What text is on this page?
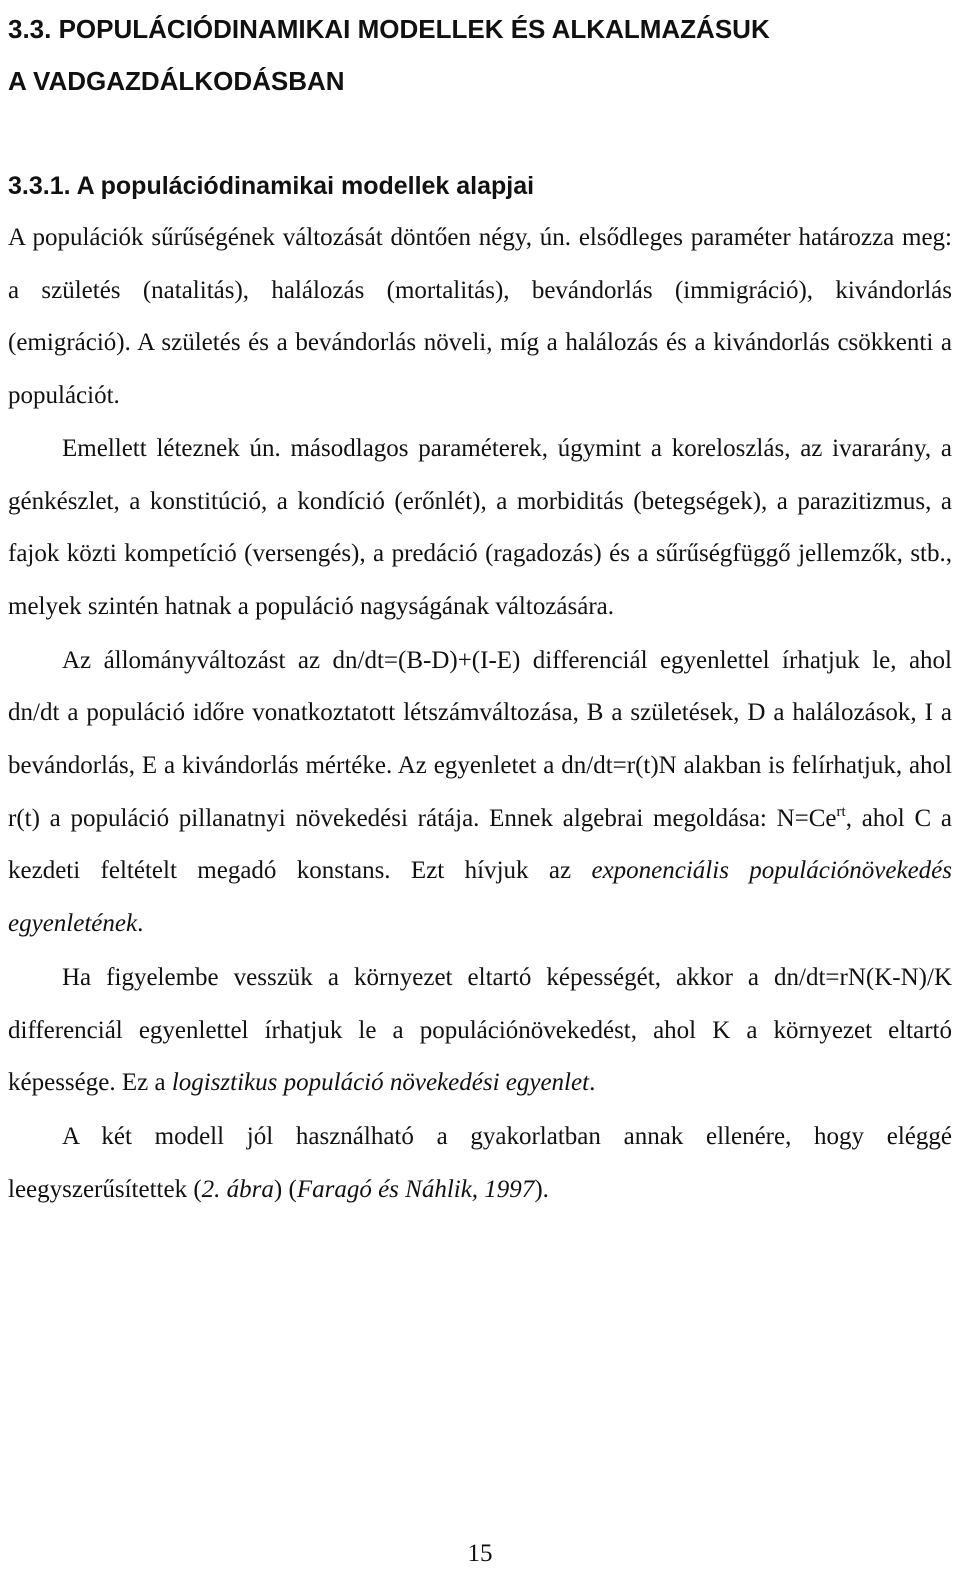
3.3. POPULÁCIÓDINAMIKAI MODELLEK ÉS ALKALMAZÁSUK
A VADGAZDÁLKODÁSBAN
3.3.1. A populációdinamikai modellek alapjai

A populációk sűrűségének változását döntően négy, ún. elsődleges paraméter határozza meg: a születés (natalitás), halálozás (mortalitás), bevándorlás (immigráció), kivándorlás (emigráció). A születés és a bevándorlás növeli, míg a halálozás és a kivándorlás csökkenti a populációt.

Emellett léteznek ún. másodlagos paraméterek, úgymint a koreloszlás, az ivararány, a génkészlet, a konstitúció, a kondíció (erőnlét), a morbiditás (betegségek), a parazitizmus, a fajok közti kompetíció (versengés), a predáció (ragadozás) és a sűrűségfüggő jellemzők, stb., melyek szintén hatnak a populáció nagyságának változására.

Az állományváltozást az dn/dt=(B-D)+(I-E) differenciál egyenlettel írhatjuk le, ahol dn/dt a populáció időre vonatkoztatott létszámváltozása, B a születések, D a halálozások, I a bevándorlás, E a kivándorlás mértéke. Az egyenletet a dn/dt=r(t)N alakban is felírhatjuk, ahol r(t) a populáció pillanatnyi növekedési rátája. Ennek algebrai megoldása: $N=Ce^{rt}$, ahol C a kezdeti feltételt megadó konstans. Ezt hívjuk az exponenciális populációnövekedés egyenletének.

Ha figyelembe vesszük a környezet eltartó képességét, akkor a dn/dt=rN(K-N)/K differenciál egyenlettel írhatjuk le a populációnövekedést, ahol K a környezet eltartó képessége. Ez a logisztikus populáció növekedési egyenlet.

A két modell jól használható a gyakorlatban annak ellenére, hogy eléggé leegyszerűsítettek (2. ábra) (Faragó és Náhlik, 1997).

15
